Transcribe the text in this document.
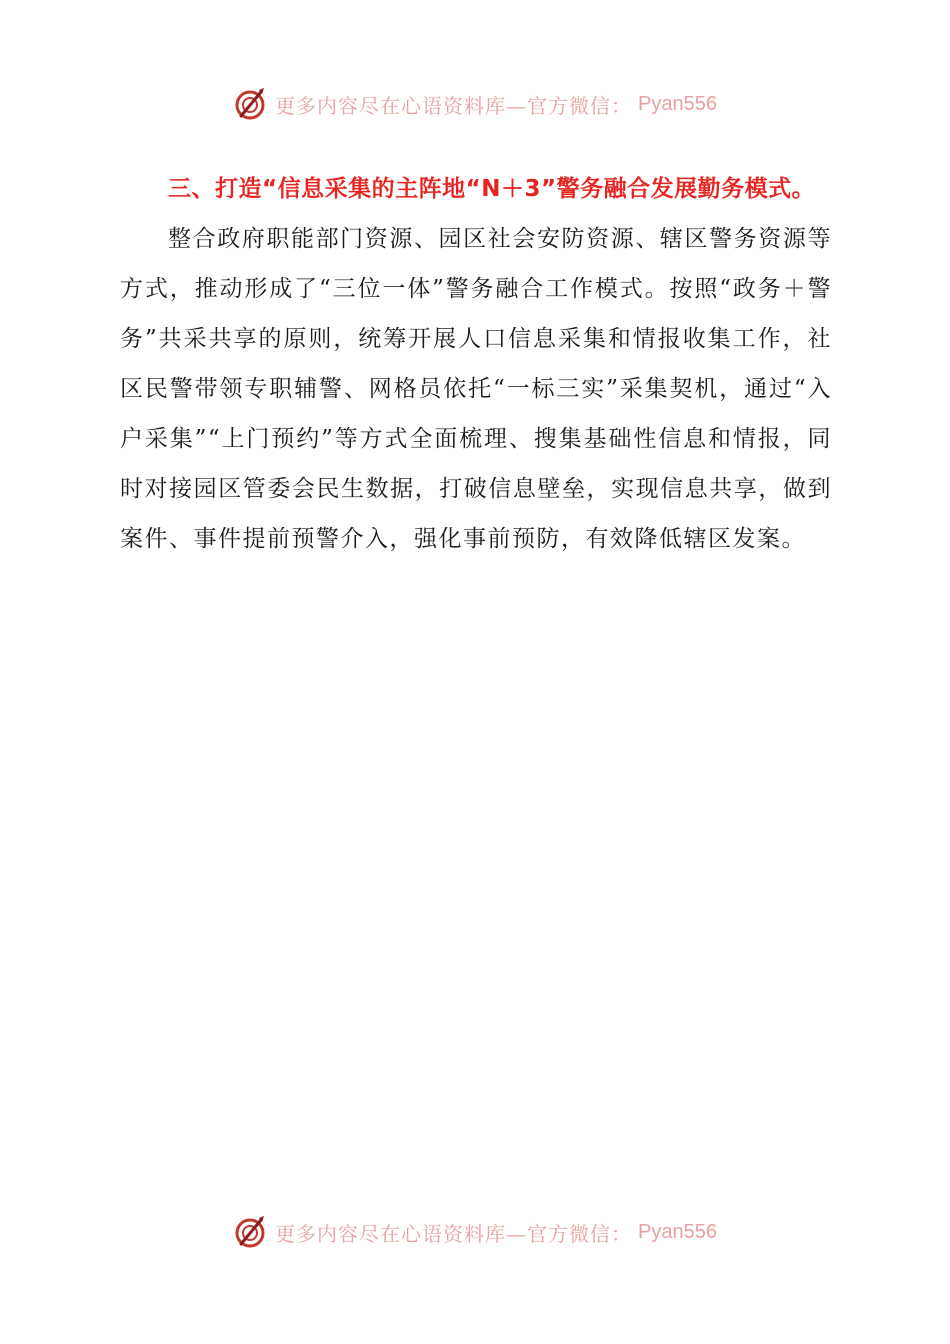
更多内容尽在心语资料库—官方微信： Pyan556

三、打造“信息采集的主阵地“N＋3”警务融合发展勤务模式。

整合政府职能部门资源、园区社会安防资源、辖区警务资源等方式，推动形成了“三位一体”警务融合工作模式。按照“政务＋警务”共采共享的原则，统筹开展人口信息采集和情报收集工作，社区民警带领专职辅警、网格员依托“一标三实”采集契机，通过“入户采集”“上门预约”等方式全面梳理、搜集基础性信息和情报，同时对接园区管委会民生数据，打破信息壁垒，实现信息共享，做到案件、事件提前预警介入，强化事前预防，有效降低辖区发案。

更多内容尽在心语资料库—官方微信： Pyan556
